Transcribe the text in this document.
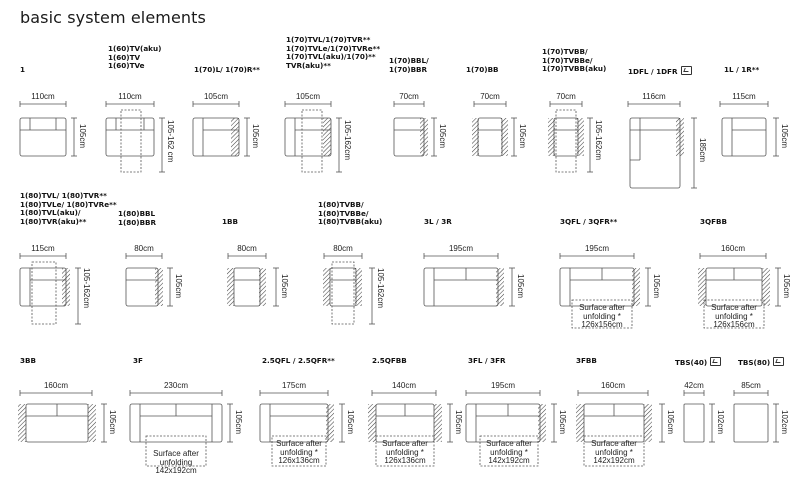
basic system elements
1
1(60)TV(aku)
1(60)TV
1(60)TVe	1(70)L/ 1(70)R**
1(70)TVL/1(70)TVR**
1(70)TVLe/1(70)TVRe**
1(70)TVL(aku)/1(70)**
TVR(aku)**
1(70)BBL/
1(70)BBR	1(70)BB
1(70)TVBB/
1(70)TVBBe/
1(70)TVBB(aku)	1DFL / 1DFR	1L / 1R**
1(80)TVL/ 1(80)TVR**
1(80)TVLe/ 1(80)TVRe**
1(80)TVL(aku)/
1(80)TVR(aku)**
1(80)BBL
1(80)BBR	1BB
1(80)TVBB/
1(80)TVBBe/
1(80)TVBB(aku)	3L / 3R	3QFL / 3QFR**	3QFBB
3BB	3F	2.5QFL / 2.5QFR**	2.5QFBB	3FL / 3FR	3FBB	TBS(40)	TBS(80)
110cm	110cm	105cm	105cm	70cm	70cm	70cm	116cm	115cm
115cm	80cm	80cm	80cm	195cm	195cm	160cm
160cm	230cm	175cm	140cm	195cm	160cm	42cm	85cm
105cm	105-162 cm	105cm	105-162cm	105cm	105cm	105-162cm	185cm
105cm
105-162cm	105cm	105cm	105-162cm	105cm	105cm	105cm
105cm	105cm	105cm	105cm	105cm	105cm	102cm	102cm
Surface after
unfolding *
126x156cm
Surface after
unfolding *
126x156cm
Surface after
unfolding
142x192cm
Surface after
unfolding *
126x136cm
Surface after
unfolding *
126x136cm
Surface after
unfolding *
142x192cm
Surface after
unfolding *
142x192cm
